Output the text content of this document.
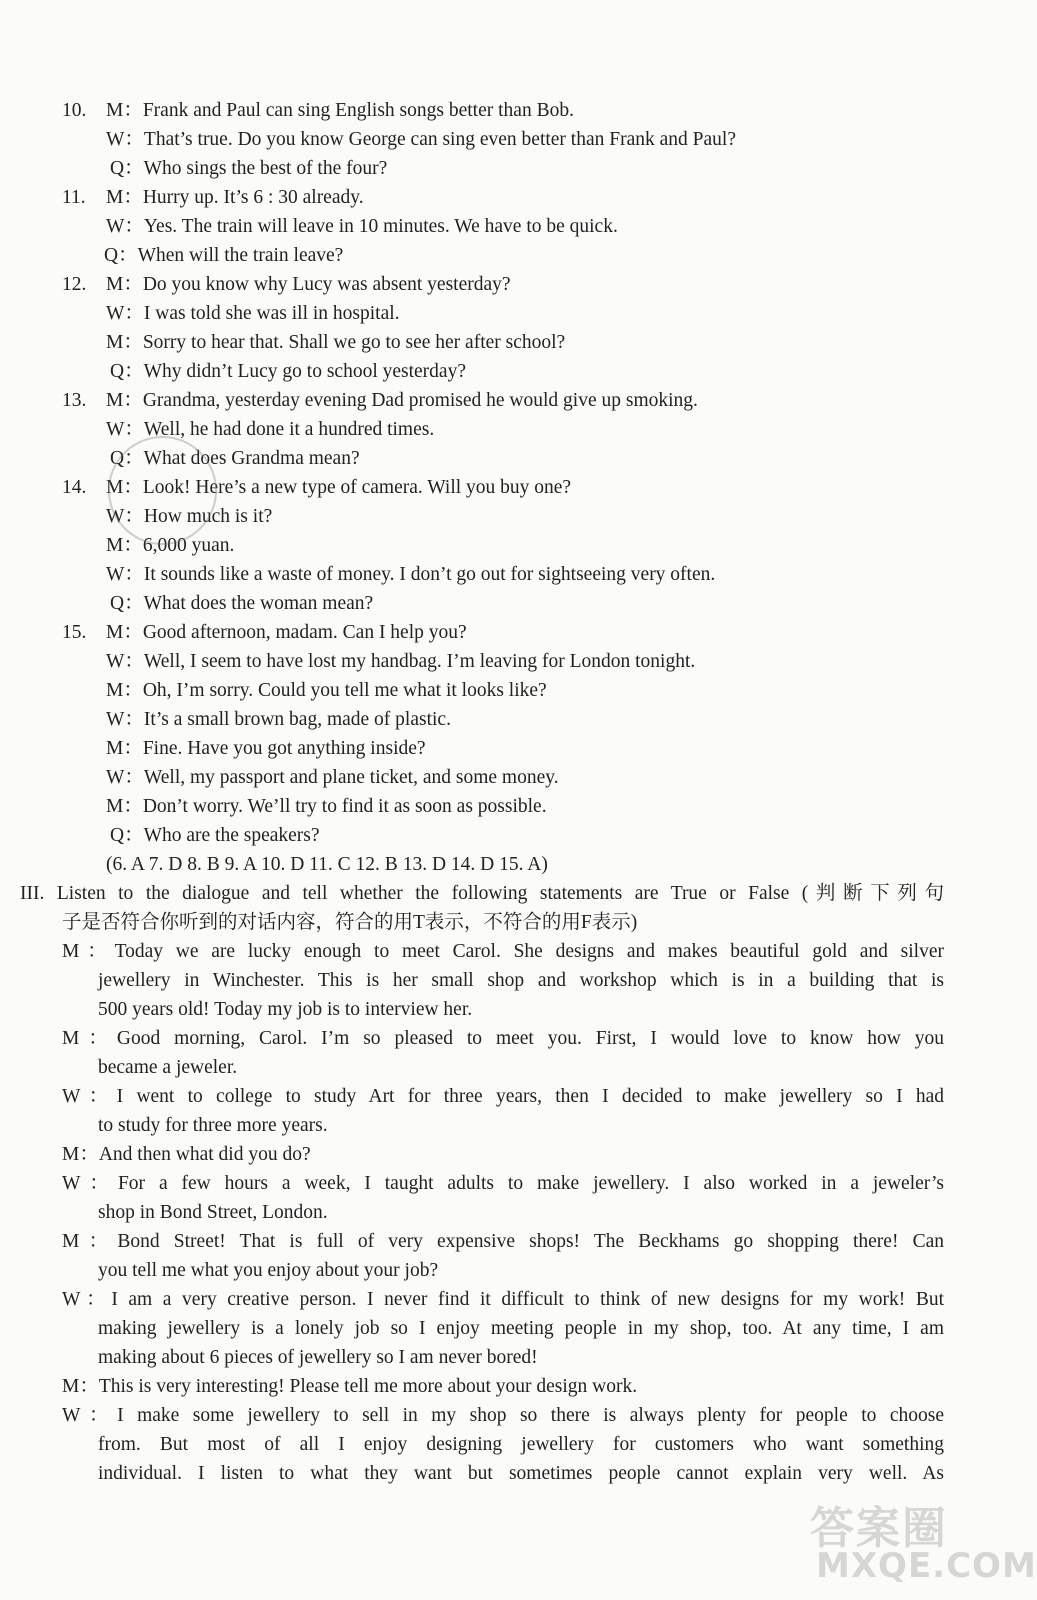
10. M：Frank and Paul can sing English songs better than Bob.
W：That’s true. Do you know George can sing even better than Frank and Paul?
Q：Who sings the best of the four?
11. M：Hurry up. It’s 6 : 30 already.
W：Yes. The train will leave in 10 minutes. We have to be quick.
Q：When will the train leave?
12. M：Do you know why Lucy was absent yesterday?
W：I was told she was ill in hospital.
M：Sorry to hear that. Shall we go to see her after school?
Q：Why didn’t Lucy go to school yesterday?
13. M：Grandma, yesterday evening Dad promised he would give up smoking.
W：Well, he had done it a hundred times.
Q：What does Grandma mean?
14. M：Look! Here’s a new type of camera. Will you buy one?
W：How much is it?
M：6,000 yuan.
W：It sounds like a waste of money. I don’t go out for sightseeing very often.
Q：What does the woman mean?
15. M：Good afternoon, madam. Can I help you?
W：Well, I seem to have lost my handbag. I’m leaving for London tonight.
M：Oh, I’m sorry. Could you tell me what it looks like?
W：It’s a small brown bag, made of plastic.
M：Fine. Have you got anything inside?
W：Well, my passport and plane ticket, and some money.
M：Don’t worry. We’ll try to find it as soon as possible.
Q：Who are the speakers?
(6. A 7. D 8. B 9. A 10. D 11. C 12. B 13. D 14. D 15. A)
III. Listen to the dialogue and tell whether the following statements are True or False (判断下列句
子是否符合你听到的对话内容，符合的用T表示，不符合的用F表示)
M：Today we are lucky enough to meet Carol. She designs and makes beautiful gold and silver
jewellery in Winchester. This is her small shop and workshop which is in a building that is
500 years old! Today my job is to interview her.
M：Good morning, Carol. I’m so pleased to meet you. First, I would love to know how you
became a jeweler.
W：I went to college to study Art for three years, then I decided to make jewellery so I had
to study for three more years.
M：And then what did you do?
W：For a few hours a week, I taught adults to make jewellery. I also worked in a jeweler’s
shop in Bond Street, London.
M：Bond Street! That is full of very expensive shops! The Beckhams go shopping there! Can
you tell me what you enjoy about your job?
W：I am a very creative person. I never find it difficult to think of new designs for my work! But
making jewellery is a lonely job so I enjoy meeting people in my shop, too. At any time, I am
making about 6 pieces of jewellery so I am never bored!
M：This is very interesting! Please tell me more about your design work.
W：I make some jewellery to sell in my shop so there is always plenty for people to choose
from. But most of all I enjoy designing jewellery for customers who want something
individual. I listen to what they want but sometimes people cannot explain very well. As
答案圈
MXQE.COM
